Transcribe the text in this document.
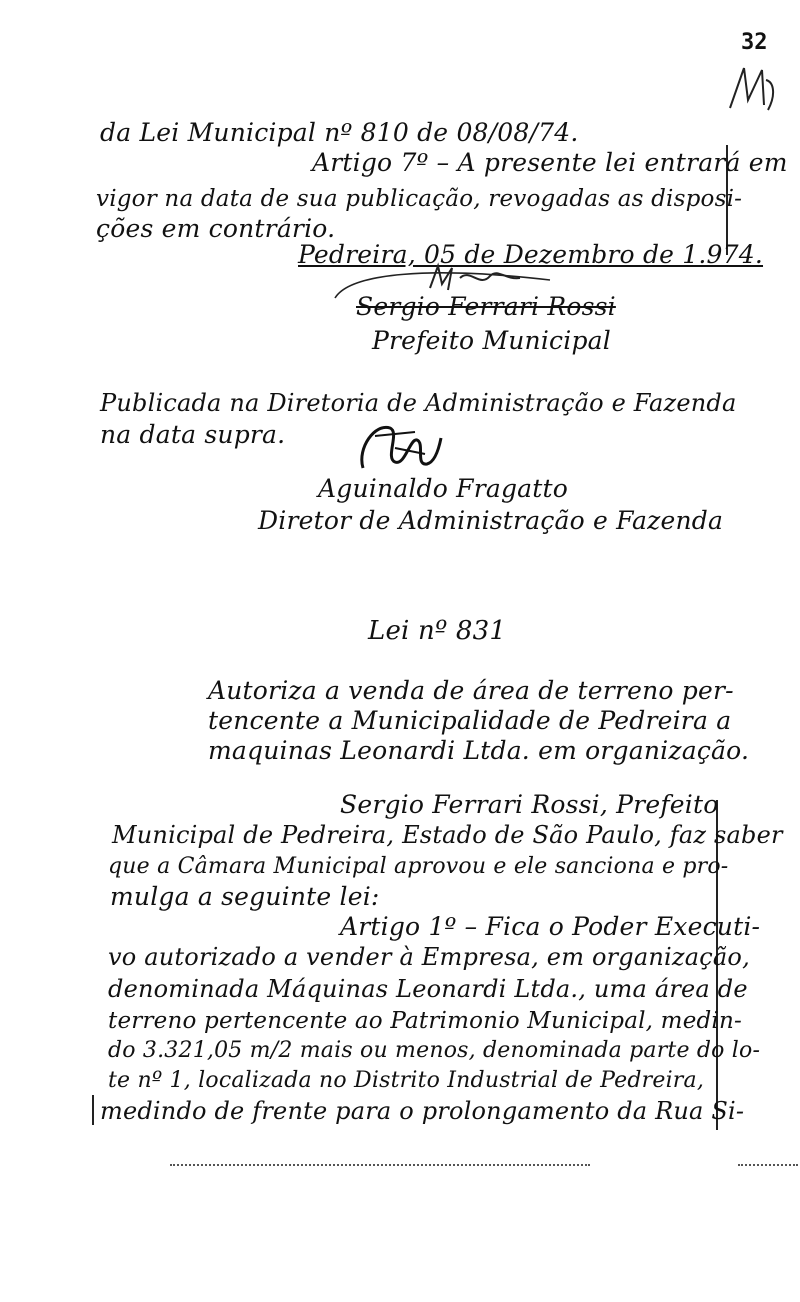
32
da Lei Municipal nº 810 de 08/08/74.
Artigo 7º – A presente lei entrará em
vigor na data de sua publicação, revogadas as disposi-
ções em contrário.
Pedreira, 05 de Dezembro de 1.974.
Sergio Ferrari Rossi
Prefeito Municipal
Publicada na Diretoria de Administração e Fazenda
na data supra.
Aguinaldo Fragatto
Diretor de Administração e Fazenda
Lei nº 831
Autoriza a venda de área de terreno per-
tencente a Municipalidade de Pedreira a
maquinas Leonardi Ltda. em organização.
Sergio Ferrari Rossi, Prefeito
Municipal de Pedreira, Estado de São Paulo, faz saber
que a Câmara Municipal aprovou e ele sanciona e pro-
mulga a seguinte lei:
Artigo 1º – Fica o Poder Executi-
vo autorizado a vender à Empresa, em organização,
denominada Máquinas Leonardi Ltda., uma área de
terreno pertencente ao Patrimonio Municipal, medin-
do 3.321,05 m/2 mais ou menos, denominada parte do lo-
te nº 1, localizada no Distrito Industrial de Pedreira,
medindo de frente para o prolongamento da Rua Si-
